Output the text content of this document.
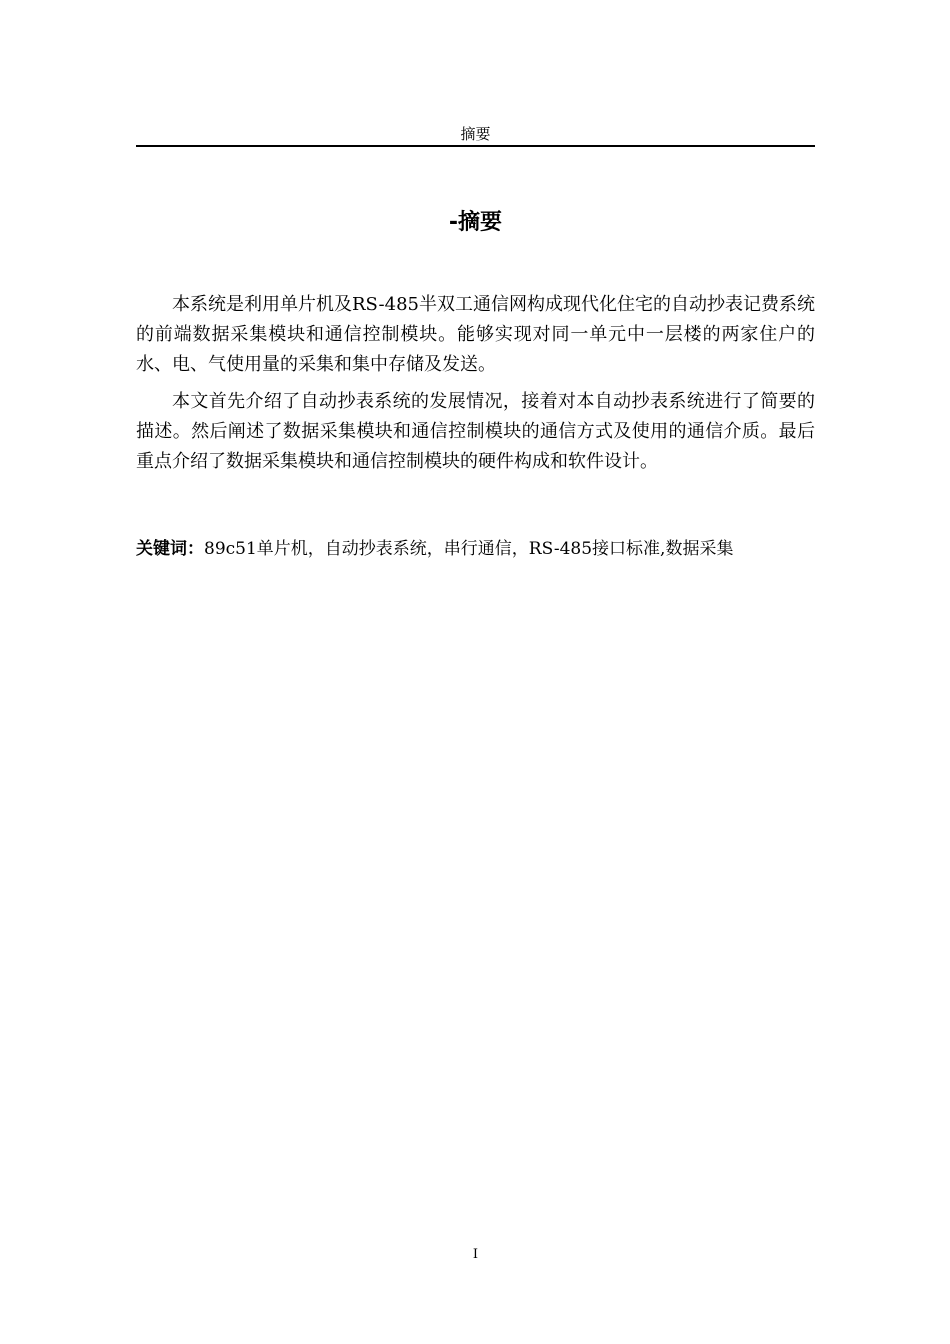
摘要
-摘要

本系统是利用单片机及RS-485半双工通信网构成现代化住宅的自动抄表记费系统的前端数据采集模块和通信控制模块。能够实现对同一单元中一层楼的两家住户的水、电、气使用量的采集和集中存储及发送。

本文首先介绍了自动抄表系统的发展情况，接着对本自动抄表系统进行了简要的描述。然后阐述了数据采集模块和通信控制模块的通信方式及使用的通信介质。最后重点介绍了数据采集模块和通信控制模块的硬件构成和软件设计。

关键词：89c51单片机，自动抄表系统，串行通信，RS-485接口标准,数据采集
I
